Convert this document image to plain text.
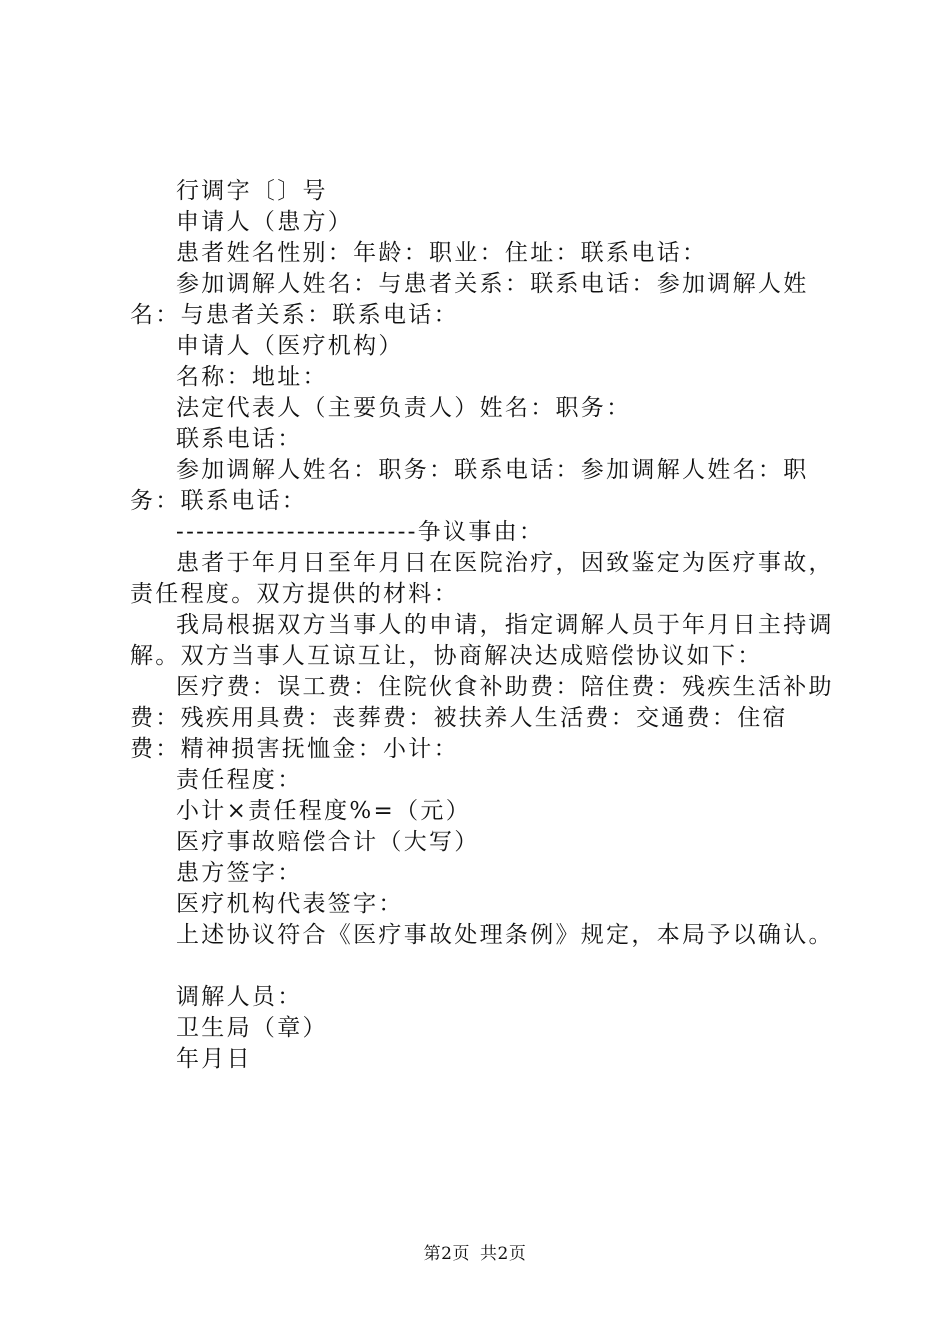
行调字〔〕号

申请人（患方）

患者姓名性别：年龄：职业：住址：联系电话：

参加调解人姓名：与患者关系：联系电话：参加调解人姓名：与患者关系：联系电话：

申请人（医疗机构）

名称：地址：

法定代表人（主要负责人）姓名：职务：

联系电话：

参加调解人姓名：职务：联系电话：参加调解人姓名：职务：联系电话：

------------------------争议事由：

患者于年月日至年月日在医院治疗，因致鉴定为医疗事故，责任程度。双方提供的材料：

我局根据双方当事人的申请，指定调解人员于年月日主持调解。双方当事人互谅互让，协商解决达成赔偿协议如下：

医疗费：误工费：住院伙食补助费：陪住费：残疾生活补助费：残疾用具费：丧葬费：被扶养人生活费：交通费：住宿费：精神损害抚恤金：小计：

责任程度：

小计×责任程度%=（元）

医疗事故赔偿合计（大写）

患方签字：

医疗机构代表签字：

上述协议符合《医疗事故处理条例》规定，本局予以确认。

调解人员：

卫生局（章）

年月日

第2页 共2页
